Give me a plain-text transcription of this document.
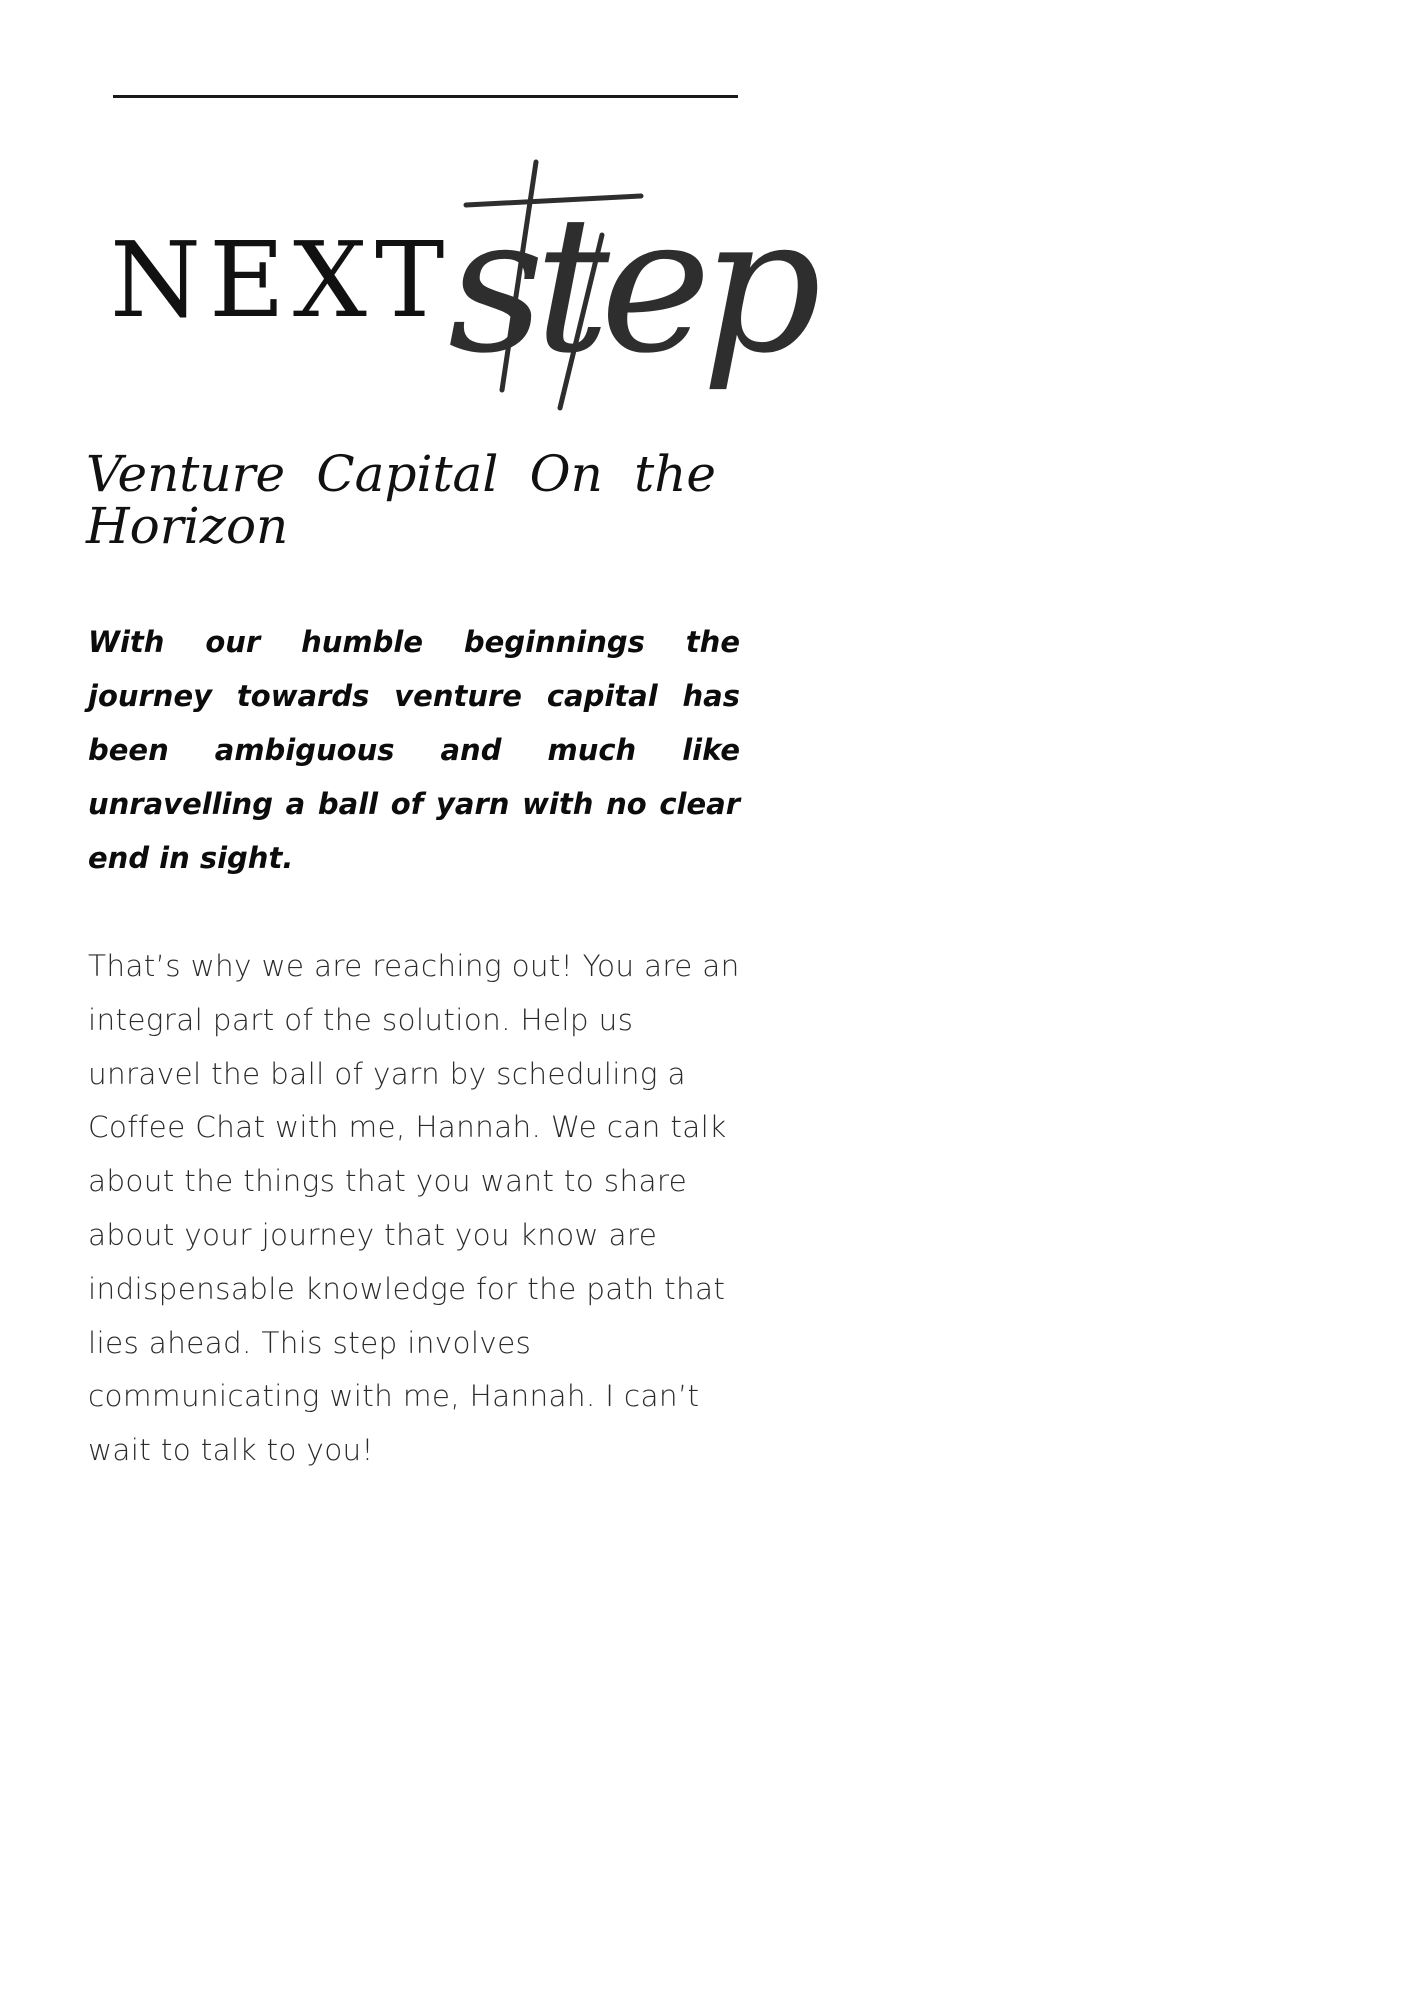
NEXT
step
Venture Capital On the Horizon

With our humble beginnings the journey towards venture capital has been ambiguous and much like unravelling a ball of yarn with no clear end in sight.

That’s why we are reaching out! You are an integral part of the solution. Help us unravel the ball of yarn by scheduling a Coffee Chat with me, Hannah. We can talk about the things that you want to share about your journey that you know are indispensable knowledge for the path that lies ahead. This step involves communicating with me, Hannah. I can’t wait to talk to you!
